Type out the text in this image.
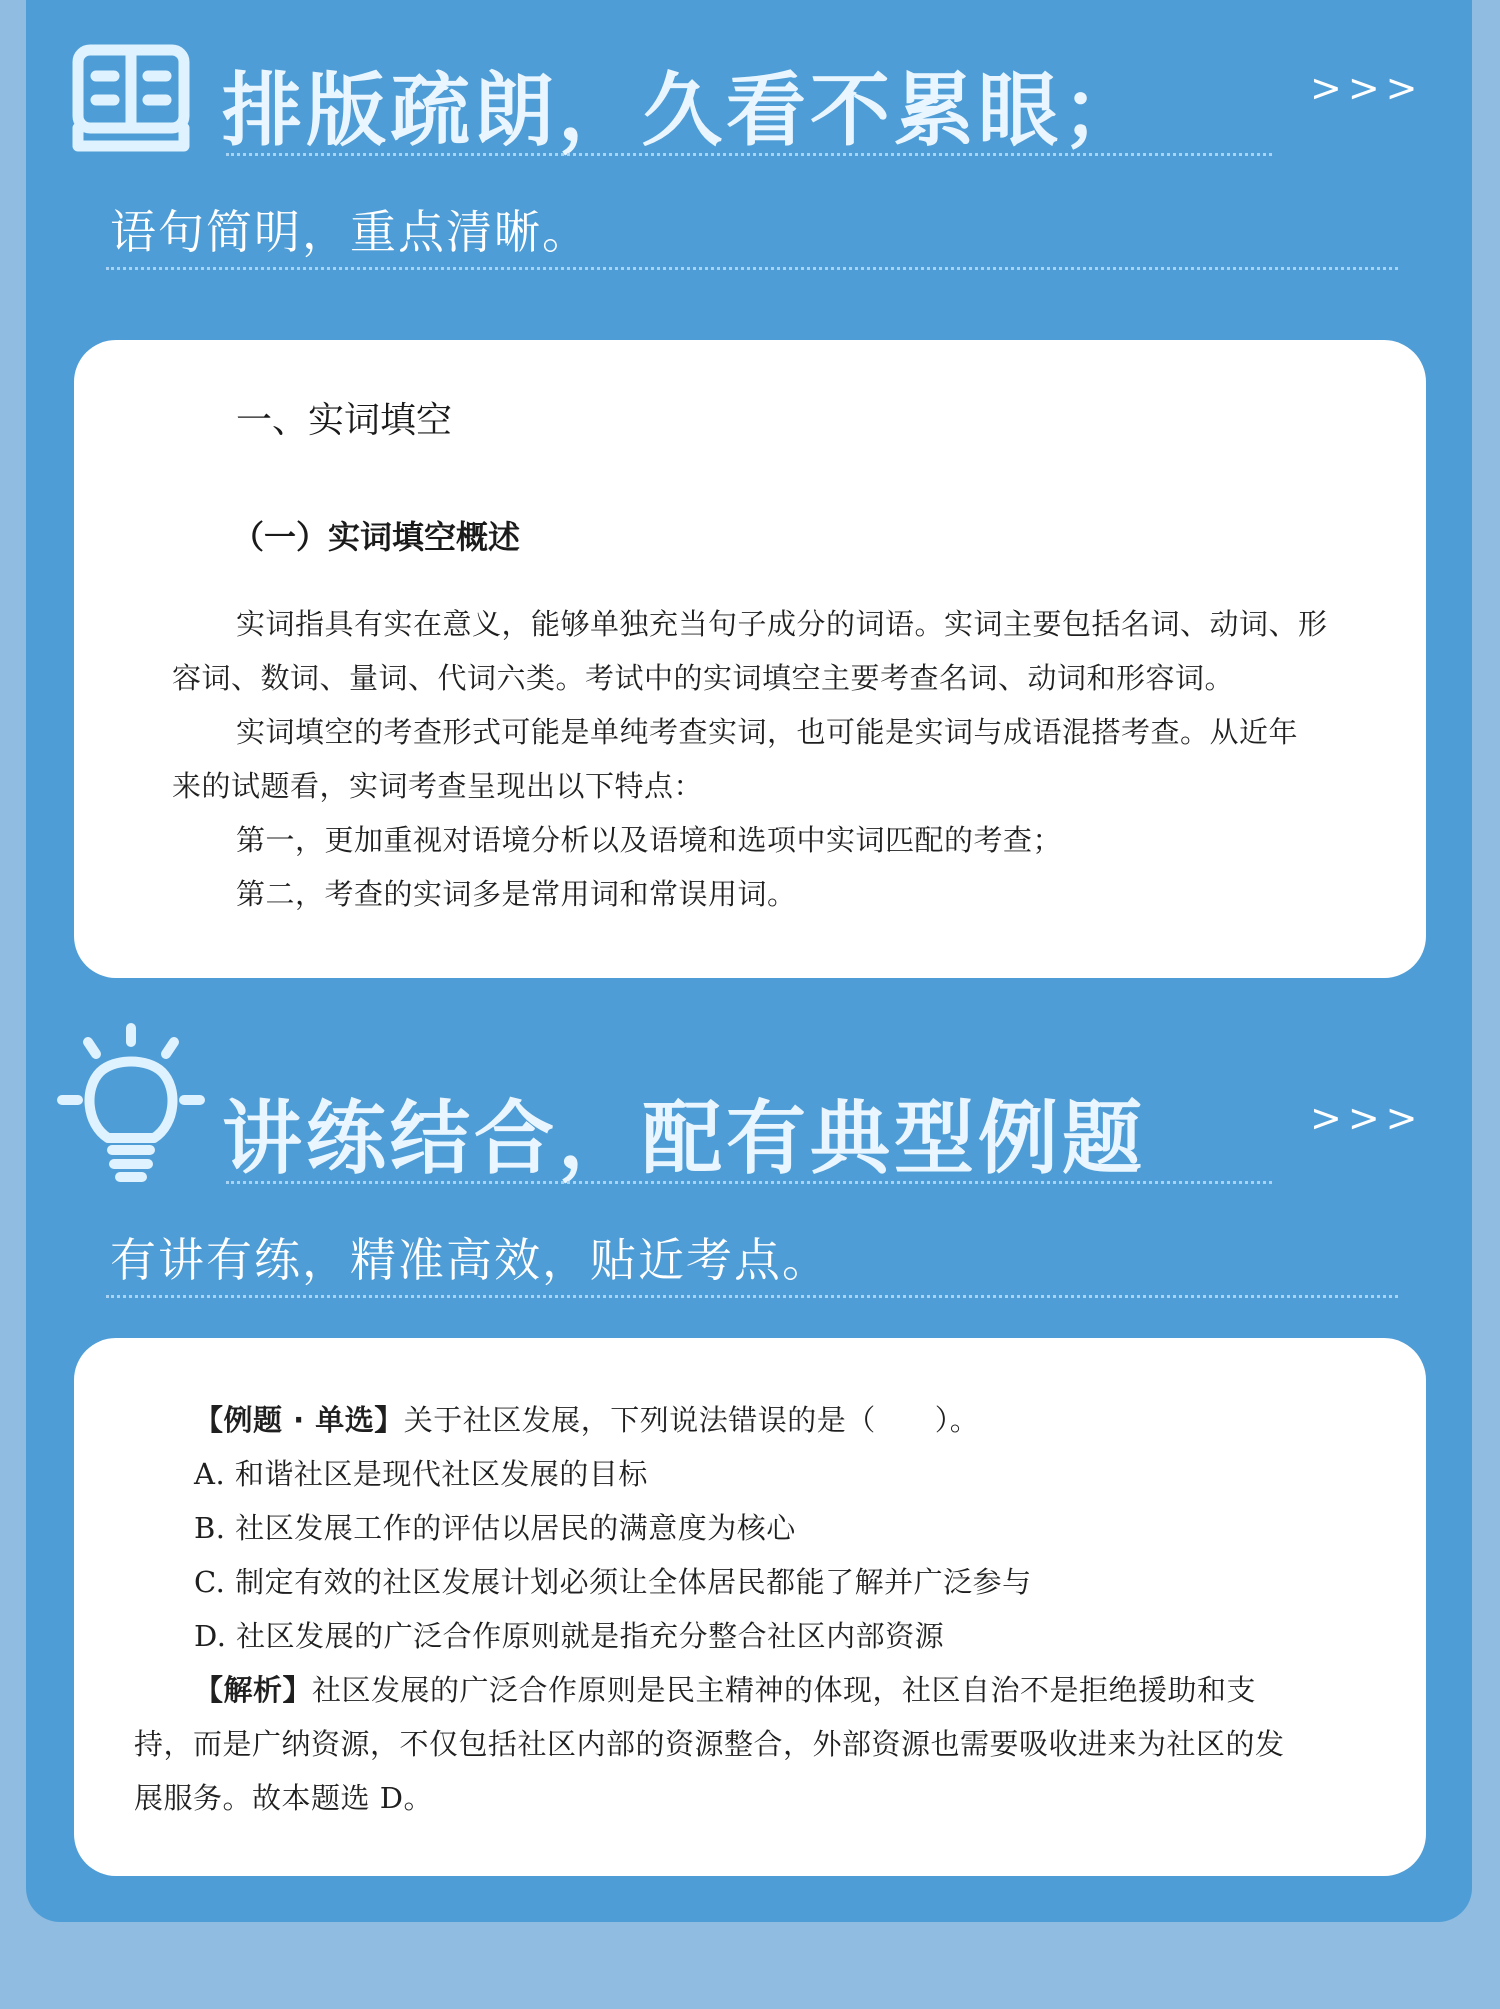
排版疏朗，久看不累眼；	>>>
语句简明，重点清晰。
一、实词填空
（一）实词填空概述
实词指具有实在意义，能够单独充当句子成分的词语。实词主要包括名词、动词、形
容词、数词、量词、代词六类。考试中的实词填空主要考查名词、动词和形容词。
实词填空的考查形式可能是单纯考查实词，也可能是实词与成语混搭考查。从近年
来的试题看，实词考查呈现出以下特点：
第一，更加重视对语境分析以及语境和选项中实词匹配的考查；
第二，考查的实词多是常用词和常误用词。
讲练结合，配有典型例题	>>>
有讲有练，精准高效，贴近考点。
【例题 · 单选】关于社区发展，下列说法错误的是（　　）。
A. 和谐社区是现代社区发展的目标
B. 社区发展工作的评估以居民的满意度为核心
C. 制定有效的社区发展计划必须让全体居民都能了解并广泛参与
D. 社区发展的广泛合作原则就是指充分整合社区内部资源
【解析】社区发展的广泛合作原则是民主精神的体现，社区自治不是拒绝援助和支
持，而是广纳资源，不仅包括社区内部的资源整合，外部资源也需要吸收进来为社区的发
展服务。故本题选 D。
